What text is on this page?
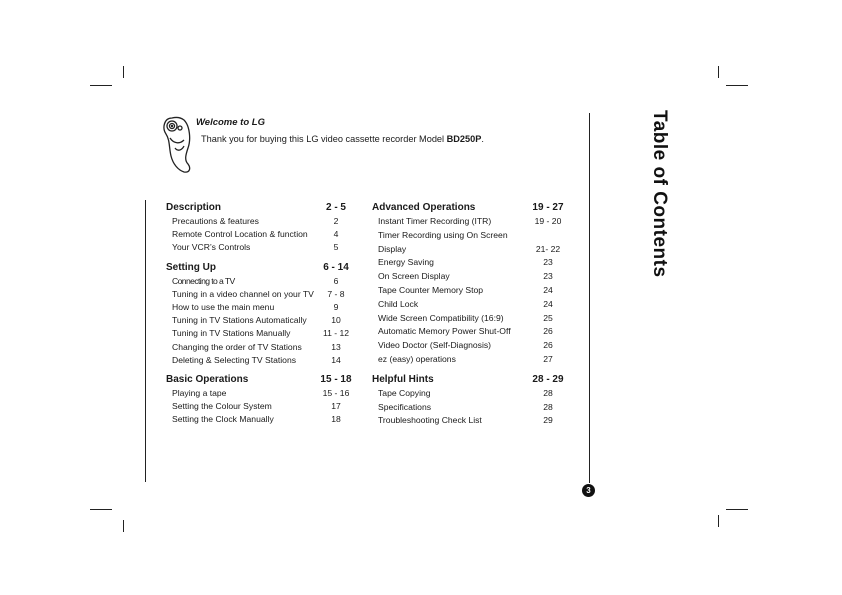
Welcome to LG
Thank you for buying this LG video cassette recorder Model BD250P.
Description	2 - 5
Precautions & features	2
Remote Control Location & function	4
Your VCR’s Controls	5
Setting Up	6 - 14
Connecting to a TV	6
Tuning in a video channel on your TV	7 - 8
How to use the main menu	9
Tuning in TV Stations Automatically	10
Tuning in TV Stations Manually	11 - 12
Changing the order of TV Stations	13
Deleting & Selecting TV Stations	14
Basic Operations	15 - 18
Playing a tape	15 - 16
Setting the Colour System	17
Setting the Clock Manually	18
Advanced Operations	19 - 27
Instant Timer Recording (ITR)	19 - 20
Timer Recording using On Screen
Display	21- 22
Energy Saving	23
On Screen Display	23
Tape Counter Memory Stop	24
Child Lock	24
Wide Screen Compatibility (16:9)	25
Automatic Memory Power Shut-Off	26
Video Doctor (Self-Diagnosis)	26
ez (easy) operations	27
Helpful Hints	28 - 29
Tape Copying	28
Specifications	28
Troubleshooting Check List	29
Table of Contents
3
